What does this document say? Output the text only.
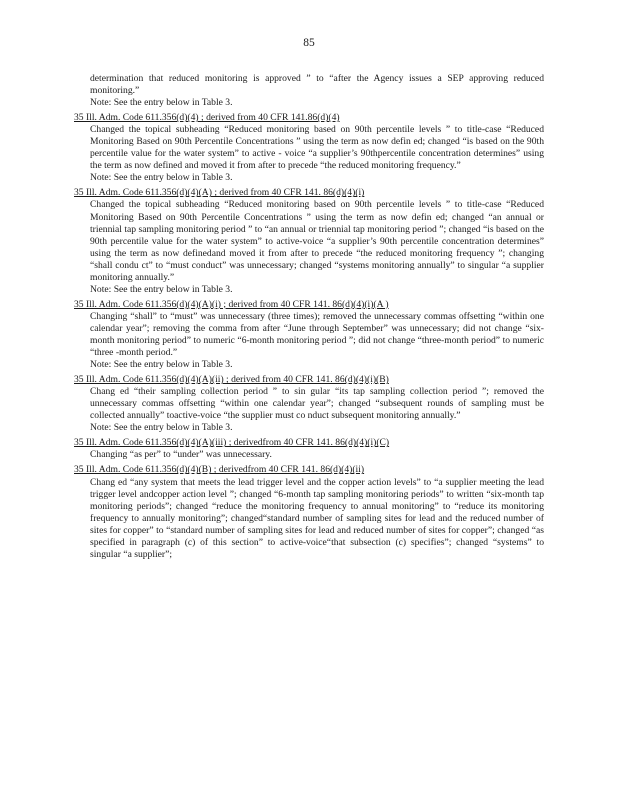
85

determination that reduced monitoring is approved ” to “after the Agency issues a SEP approving reduced monitoring.”

Note: See the entry below in Table 3.

35 Ill. Adm. Code 611.356(d)(4) ; derived from 40 CFR 141.86(d)(4)

Changed the topical subheading “Reduced monitoring based on 90th percentile levels ” to title-case “Reduced Monitoring Based on 90th Percentile Concentrations ” using the term as now defin ed; changed “is based on the 90th percentile value for the water system” to active - voice “a supplier’s 90thpercentile concentration determines” using the term as now defined and moved it from after to precede “the reduced monitoring frequency.”

Note: See the entry below in Table 3.

35 Ill. Adm. Code 611.356(d)(4)(A) ; derived from 40 CFR 141. 86(d)(4)(i)

Changed the topical subheading “Reduced monitoring based on 90th percentile levels ” to title-case “Reduced Monitoring Based on 90th Percentile Concentrations ” using the term as now defin ed; changed “an annual or triennial tap sampling monitoring period ” to “an annual or triennial tap monitoring period ”; changed “is based on the 90th percentile value for the water system” to active-voice “a supplier’s 90th percentile concentration determines” using the term as now definedand moved it from after to precede “the reduced monitoring frequency ”; changing “shall condu ct” to “must conduct” was unnecessary; changed “systems monitoring annually” to singular “a supplier monitoring annually.”

Note: See the entry below in Table 3.

35 Ill. Adm. Code 611.356(d)(4)(A)(i) ; derived from 40 CFR 141. 86(d)(4)(i)(A )

Changing “shall” to “must” was unnecessary (three times); removed the unnecessary commas offsetting “within one calendar year”; removing the comma from after “June through September” was unnecessary; did not change “six-month monitoring period” to numeric “6-month monitoring period ”; did not change “three-month period” to numeric “three -month period.”

Note: See the entry below in Table 3.

35 Ill. Adm. Code 611.356(d)(4)(A)(ii) ; derived from 40 CFR 141. 86(d)(4)(i)(B)

Chang ed “their sampling collection period ” to sin gular “its tap sampling collection period ”; removed the unnecessary commas offsetting “within one calendar year”; changed “subsequent rounds of sampling must be collected annually” toactive-voice “the supplier must co nduct subsequent monitoring annually.”

Note: See the entry below in Table 3.

35 Ill. Adm. Code 611.356(d)(4)(A)(iii) ; derivedfrom 40 CFR 141. 86(d)(4)(i)(C)

Changing “as per” to “under” was unnecessary.

35 Ill. Adm. Code 611.356(d)(4)(B) ; derivedfrom 40 CFR 141. 86(d)(4)(ii)

Chang ed “any system that meets the lead trigger level and the copper action levels” to “a supplier meeting the lead trigger level andcopper action level ”; changed “6-month tap sampling monitoring periods” to written “six-month tap monitoring periods”; changed “reduce the monitoring frequency to annual monitoring” to “reduce its monitoring frequency to annually monitoring”; changed“standard number of sampling sites for lead and the reduced number of sites for copper” to “standard number of sampling sites for lead and reduced number of sites for copper”; changed “as specified in paragraph (c) of this section” to active-voice“that subsection (c) specifies”; changed “systems” to singular “a supplier”;
